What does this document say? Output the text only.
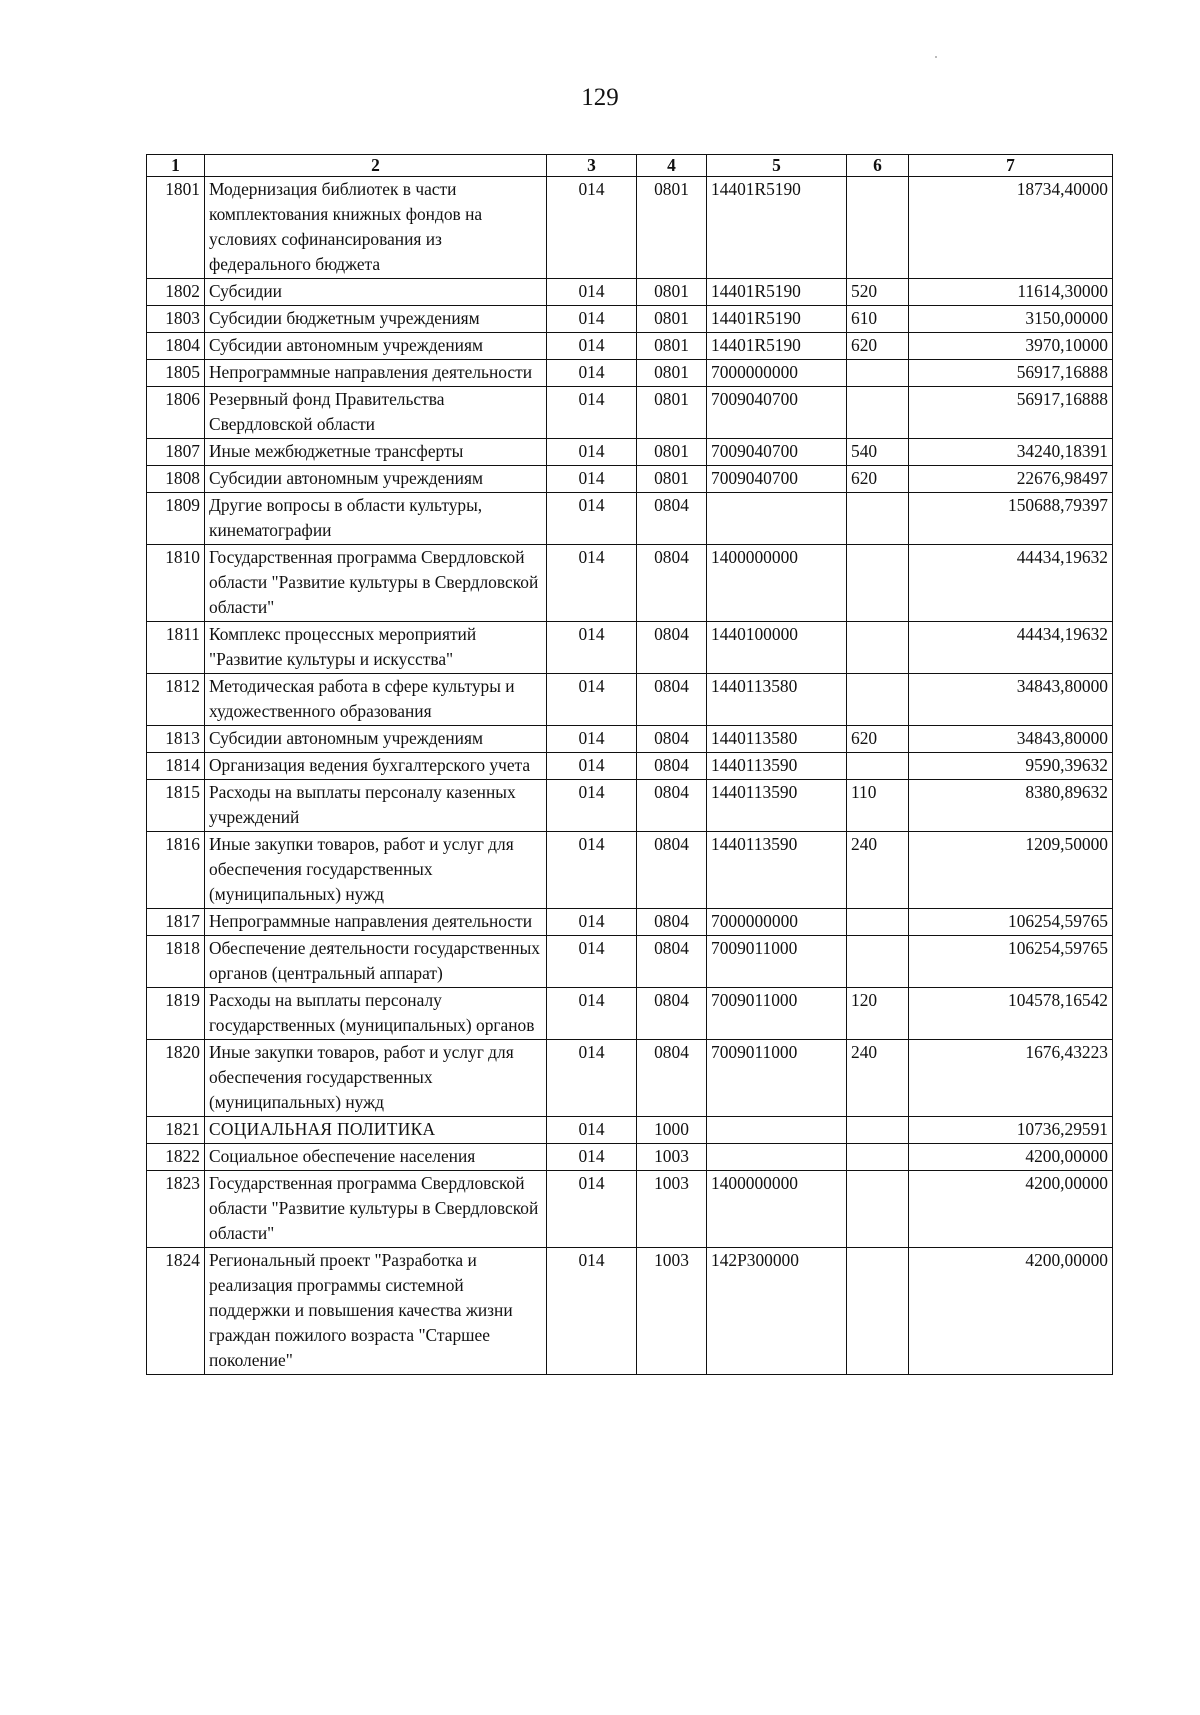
129
1	2	3	4	5	6	7
1801	Модернизация библиотек в части комплектования книжных фондов на условиях софинансирования из федерального бюджета	014	0801	14401R5190		18734,40000
1802	Субсидии	014	0801	14401R5190	520	11614,30000
1803	Субсидии бюджетным учреждениям	014	0801	14401R5190	610	3150,00000
1804	Субсидии автономным учреждениям	014	0801	14401R5190	620	3970,10000
1805	Непрограммные направления деятельности	014	0801	7000000000		56917,16888
1806	Резервный фонд Правительства Свердловской области	014	0801	7009040700		56917,16888
1807	Иные межбюджетные трансферты	014	0801	7009040700	540	34240,18391
1808	Субсидии автономным учреждениям	014	0801	7009040700	620	22676,98497
1809	Другие вопросы в области культуры, кинематографии	014	0804			150688,79397
1810	Государственная программа Свердловской области "Развитие культуры в Свердловской области"	014	0804	1400000000		44434,19632
1811	Комплекс процессных мероприятий "Развитие культуры и искусства"	014	0804	1440100000		44434,19632
1812	Методическая работа в сфере культуры и художественного образования	014	0804	1440113580		34843,80000
1813	Субсидии автономным учреждениям	014	0804	1440113580	620	34843,80000
1814	Организация ведения бухгалтерского учета	014	0804	1440113590		9590,39632
1815	Расходы на выплаты персоналу казенных учреждений	014	0804	1440113590	110	8380,89632
1816	Иные закупки товаров, работ и услуг для обеспечения государственных (муниципальных) нужд	014	0804	1440113590	240	1209,50000
1817	Непрограммные направления деятельности	014	0804	7000000000		106254,59765
1818	Обеспечение деятельности государственных органов (центральный аппарат)	014	0804	7009011000		106254,59765
1819	Расходы на выплаты персоналу государственных (муниципальных) органов	014	0804	7009011000	120	104578,16542
1820	Иные закупки товаров, работ и услуг для обеспечения государственных (муниципальных) нужд	014	0804	7009011000	240	1676,43223
1821	СОЦИАЛЬНАЯ ПОЛИТИКА	014	1000			10736,29591
1822	Социальное обеспечение населения	014	1003			4200,00000
1823	Государственная программа Свердловской области "Развитие культуры в Свердловской области"	014	1003	1400000000		4200,00000
1824	Региональный проект "Разработка и реализация программы системной поддержки и повышения качества жизни граждан пожилого возраста "Старшее поколение"	014	1003	142P300000		4200,00000
